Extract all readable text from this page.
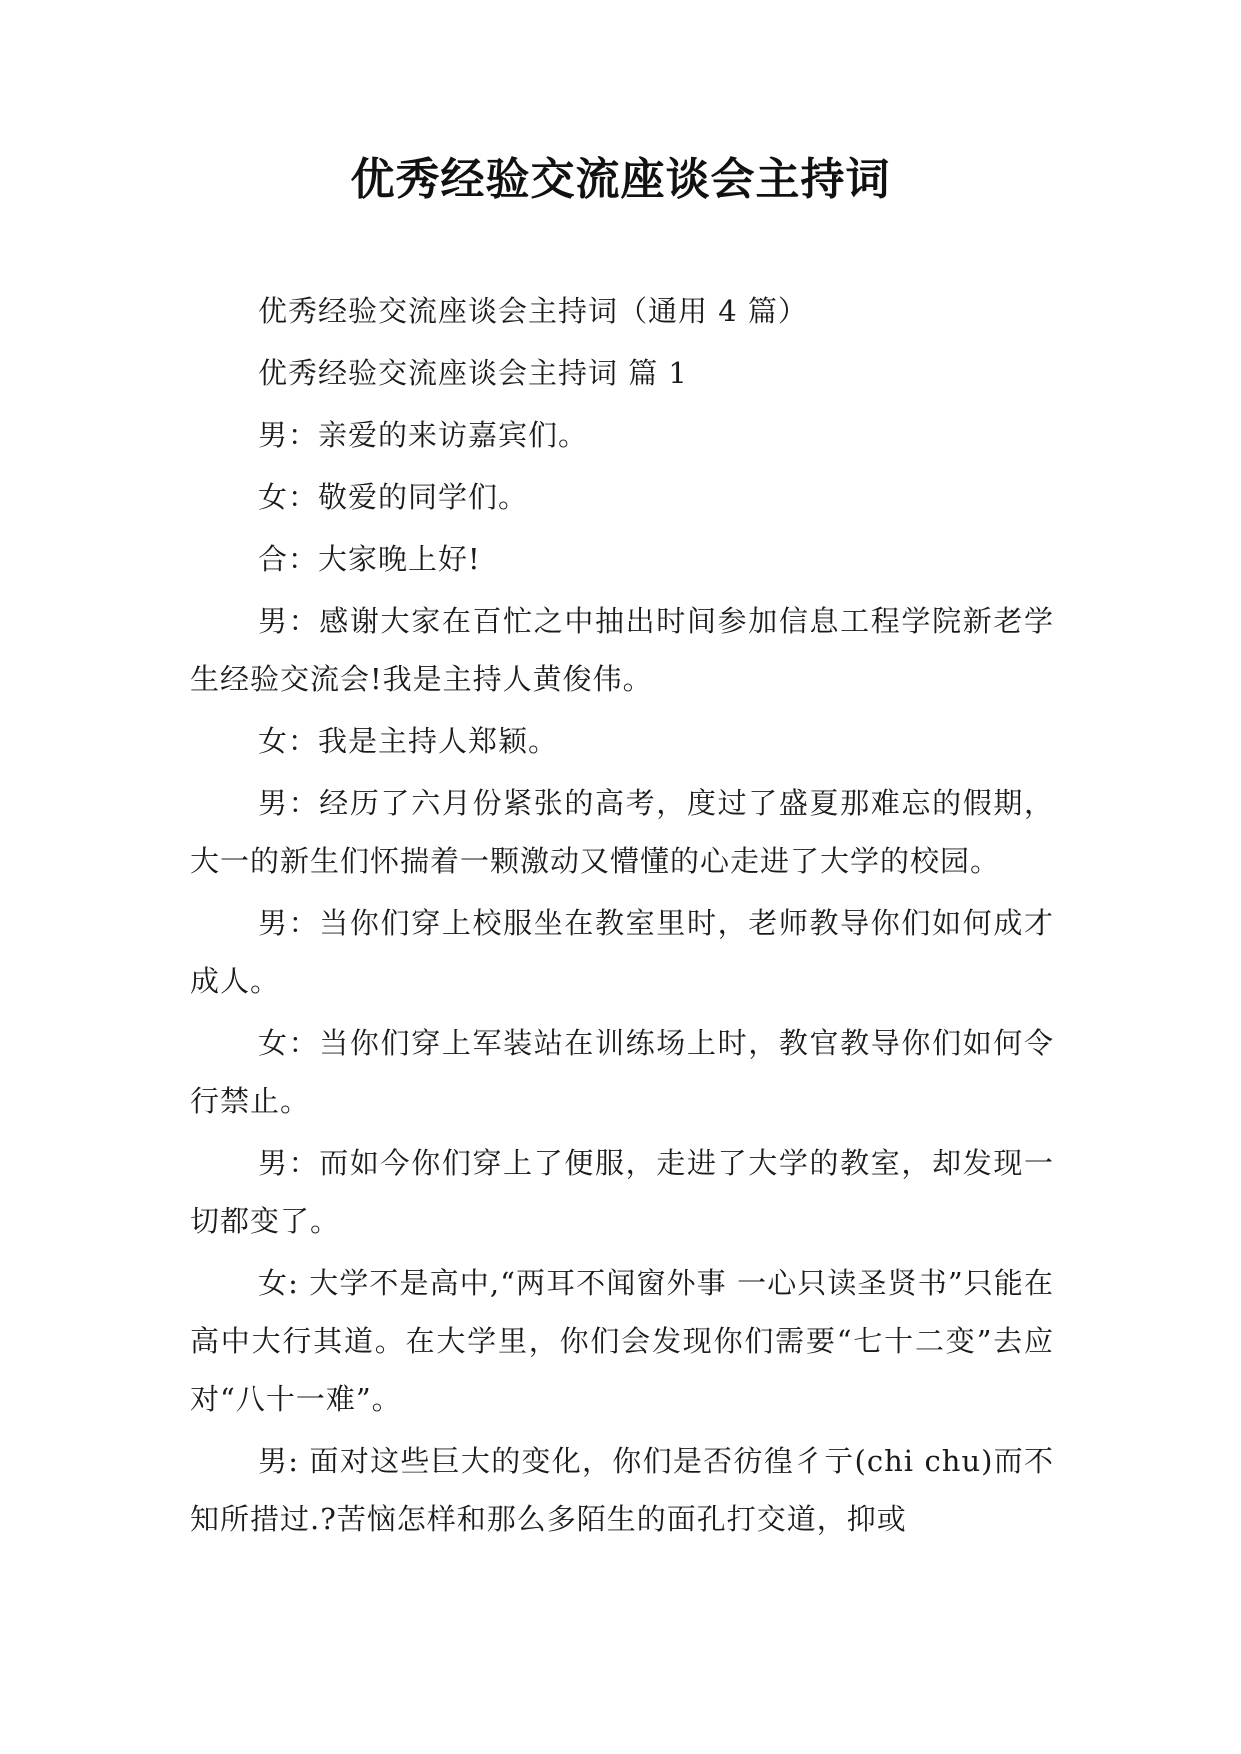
优秀经验交流座谈会主持词

优秀经验交流座谈会主持词（通用 4 篇）

优秀经验交流座谈会主持词 篇 1

男：亲爱的来访嘉宾们。

女：敬爱的同学们。

合：大家晚上好!

男：感谢大家在百忙之中抽出时间参加信息工程学院新老学生经验交流会!我是主持人黄俊伟。

女：我是主持人郑颖。

男：经历了六月份紧张的高考，度过了盛夏那难忘的假期，大一的新生们怀揣着一颗激动又懵懂的心走进了大学的校园。

男：当你们穿上校服坐在教室里时，老师教导你们如何成才成人。

女：当你们穿上军装站在训练场上时，教官教导你们如何令行禁止。

男：而如今你们穿上了便服，走进了大学的教室，却发现一切都变了。

女: 大学不是高中,“两耳不闻窗外事 一心只读圣贤书”只能在高中大行其道。在大学里，你们会发现你们需要“七十二变”去应对“八十一难”。

男: 面对这些巨大的变化，你们是否彷徨彳亍(chi chu)而不知所措过.?苦恼怎样和那么多陌生的面孔打交道，抑或
